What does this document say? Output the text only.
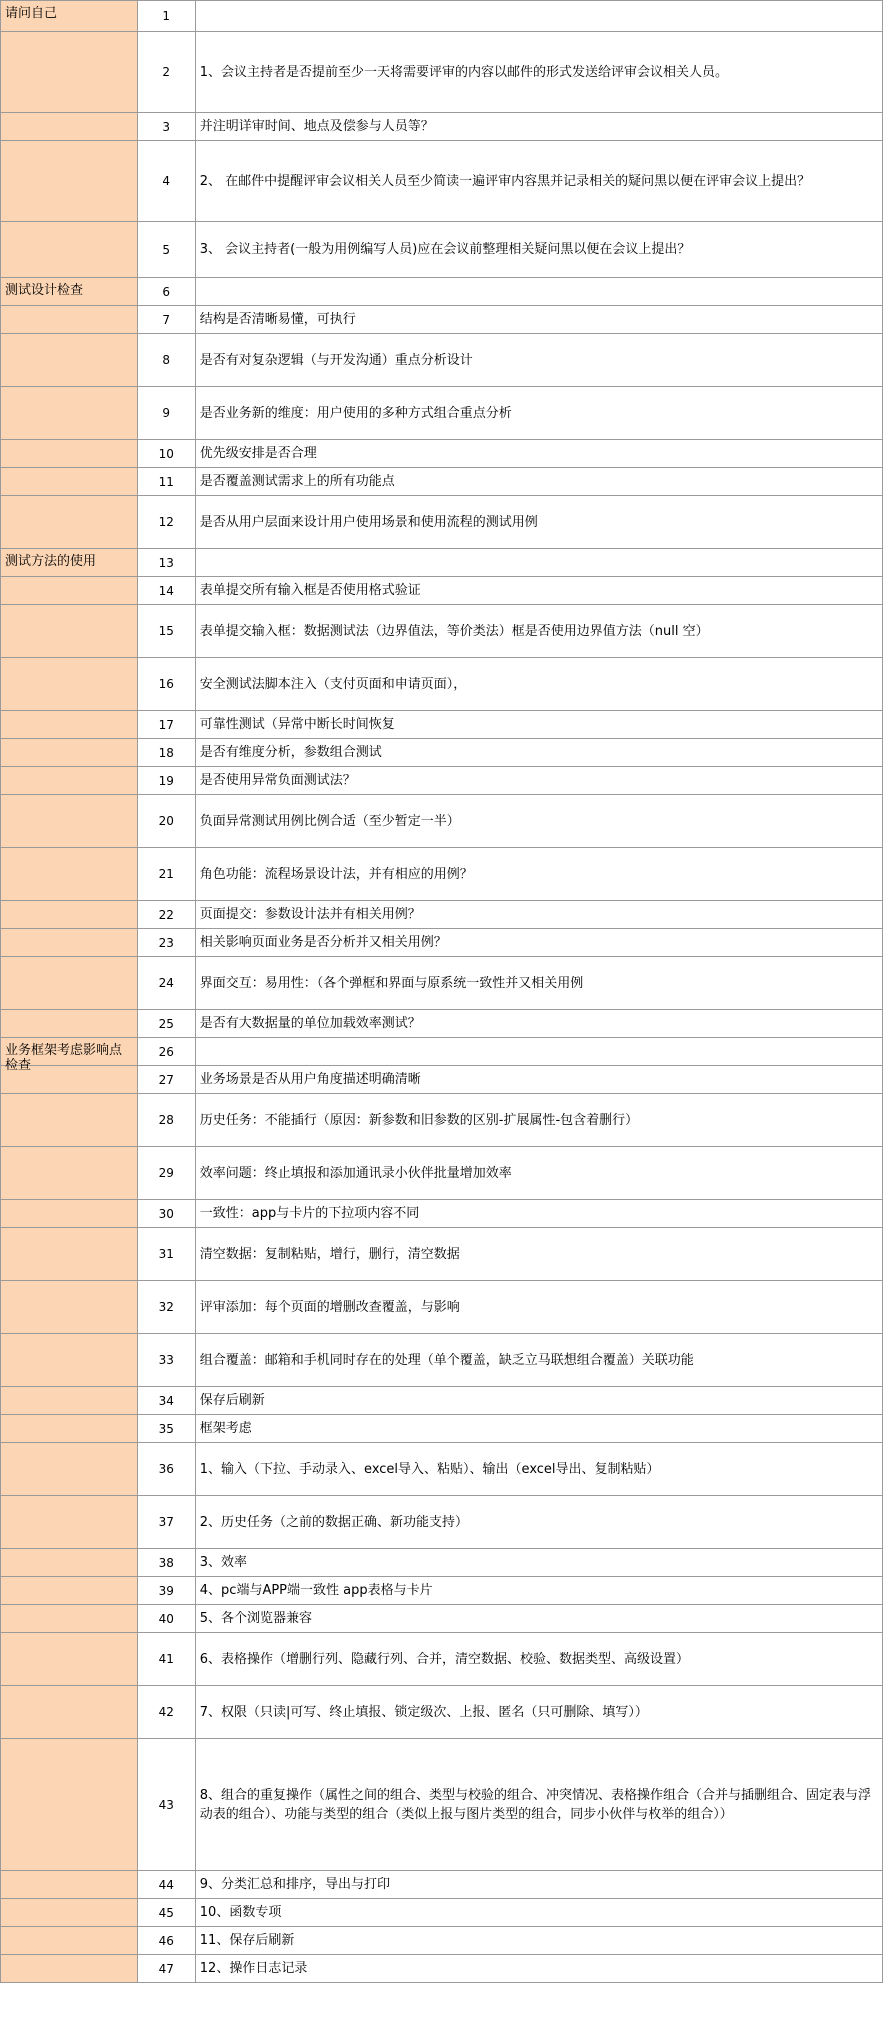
请问自己	1	
	2	1、会议主持者是否提前至少一天将需要评审的内容以邮件的形式发送给评审会议相关人员。
	3	并注明详审时间、地点及偿参与人员等？
	4	2、 在邮件中提醒评审会议相关人员至少简读一遍评审内容黒并记录相关的疑问黒以便在评审会议上提出？
	5	3、 会议主持者(一般为用例编写人员)应在会议前整理相关疑问黒以便在会议上提出？

测试设计检查	6	
	7	结构是否清晰易懂，可执行
	8	是否有对复杂逻辑（与开发沟通）重点分析设计
	9	是否业务新的维度：用户使用的多种方式组合重点分析
	10	优先级安排是否合理
	11	是否覆盖测试需求上的所有功能点
	12	是否从用户层面来设计用户使用场景和使用流程的测试用例

测试方法的使用	13	
	14	表单提交所有输入框是否使用格式验证
	15	表单提交输入框：数据测试法（边界值法，等价类法）框是否使用边界值方法（null 空）
	16	安全测试法脚本注入（支付页面和申请页面），
	17	可靠性测试（异常中断长时间恢复
	18	是否有维度分析，参数组合测试
	19	是否使用异常负面测试法？
	20	负面异常测试用例比例合适（至少暂定一半）
	21	角色功能：流程场景设计法，并有相应的用例？
	22	页面提交：参数设计法并有相关用例？
	23	相关影响页面业务是否分析并又相关用例？
	24	界面交互：易用性：（各个弹框和界面与原系统一致性并又相关用例
	25	是否有大数据量的单位加载效率测试？

业务框架考虑影响点检查	26	
	27	业务场景是否从用户角度描述明确清晰
	28	历史任务：不能插行（原因：新参数和旧参数的区别-扩展属性-包含着删行）
	29	效率问题：终止填报和添加通讯录小伙伴批量增加效率
	30	一致性：app与卡片的下拉项内容不同
	31	清空数据：复制粘贴，增行，删行，清空数据
	32	评审添加：每个页面的增删改查覆盖，与影响
	33	组合覆盖：邮箱和手机同时存在的处理（单个覆盖，缺乏立马联想组合覆盖）关联功能
	34	保存后刷新
	35	框架考虑
	36	1、输入（下拉、手动录入、excel导入、粘贴）、输出（excel导出、复制粘贴）
	37	2、历史任务（之前的数据正确、新功能支持）
	38	3、效率
	39	4、pc端与APP端一致性 app表格与卡片
	40	5、各个浏览器兼容
	41	6、表格操作（增删行列、隐藏行列、合并，清空数据、校验、数据类型、高级设置）
	42	7、权限（只读|可写、终止填报、锁定级次、上报、匿名（只可删除、填写））
	43	8、组合的重复操作（属性之间的组合、类型与校验的组合、冲突情况、表格操作组合（合并与插删组合、固定表与浮动表的组合）、功能与类型的组合（类似上报与图片类型的组合，同步小伙伴与枚举的组合））
	44	9、分类汇总和排序，导出与打印
	45	10、函数专项
	46	11、保存后刷新
	47	12、操作日志记录
